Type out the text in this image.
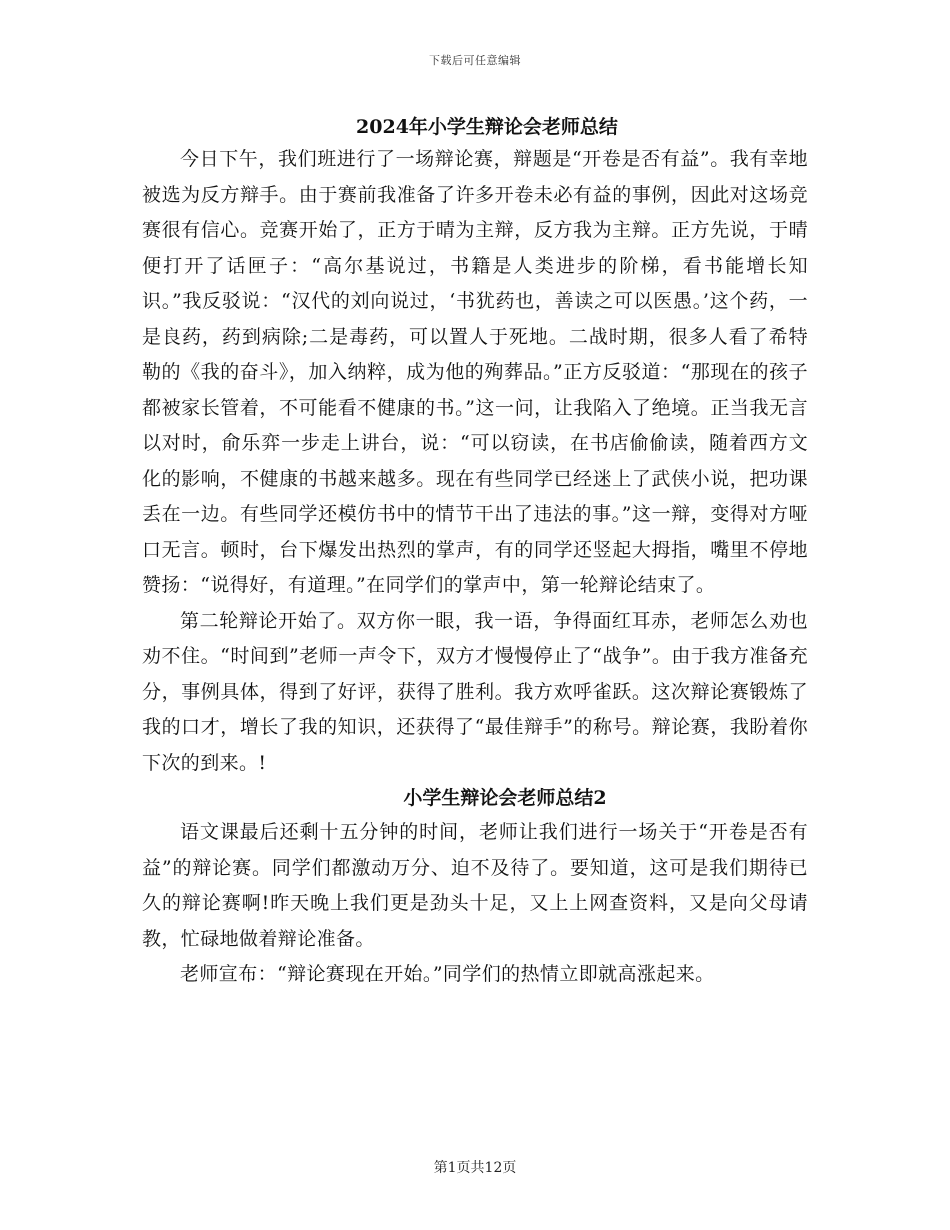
下载后可任意编辑
2024年小学生辩论会老师总结

今日下午，我们班进行了一场辩论赛，辩题是“开卷是否有益”。我有幸地被选为反方辩手。由于赛前我准备了许多开卷未必有益的事例，因此对这场竞赛很有信心。竞赛开始了，正方于晴为主辩，反方我为主辩。正方先说，于晴便打开了话匣子：“高尔基说过，书籍是人类进步的阶梯，看书能增长知识。”我反驳说：“汉代的刘向说过，‘书犹药也，善读之可以医愚。’这个药，一是良药，药到病除;二是毒药，可以置人于死地。二战时期，很多人看了希特勒的《我的奋斗》，加入纳粹，成为他的殉葬品。”正方反驳道：“那现在的孩子都被家长管着，不可能看不健康的书。”这一问，让我陷入了绝境。正当我无言以对时，俞乐弈一步走上讲台，说：“可以窃读，在书店偷偷读，随着西方文化的影响，不健康的书越来越多。现在有些同学已经迷上了武侠小说，把功课丢在一边。有些同学还模仿书中的情节干出了违法的事。”这一辩，变得对方哑口无言。顿时，台下爆发出热烈的掌声，有的同学还竖起大拇指，嘴里不停地赞扬：“说得好，有道理。”在同学们的掌声中，第一轮辩论结束了。

第二轮辩论开始了。双方你一眼，我一语，争得面红耳赤，老师怎么劝也劝不住。“时间到”老师一声令下，双方才慢慢停止了“战争”。由于我方准备充分，事例具体，得到了好评，获得了胜利。我方欢呼雀跃。这次辩论赛锻炼了我的口才，增长了我的知识，还获得了“最佳辩手”的称号。辩论赛，我盼着你下次的到来。!

小学生辩论会老师总结2

语文课最后还剩十五分钟的时间，老师让我们进行一场关于“开卷是否有益”的辩论赛。同学们都激动万分、迫不及待了。要知道，这可是我们期待已久的辩论赛啊!昨天晚上我们更是劲头十足，又上上网查资料，又是向父母请教，忙碌地做着辩论准备。

老师宣布：“辩论赛现在开始。”同学们的热情立即就高涨起来。

第1页共12页
